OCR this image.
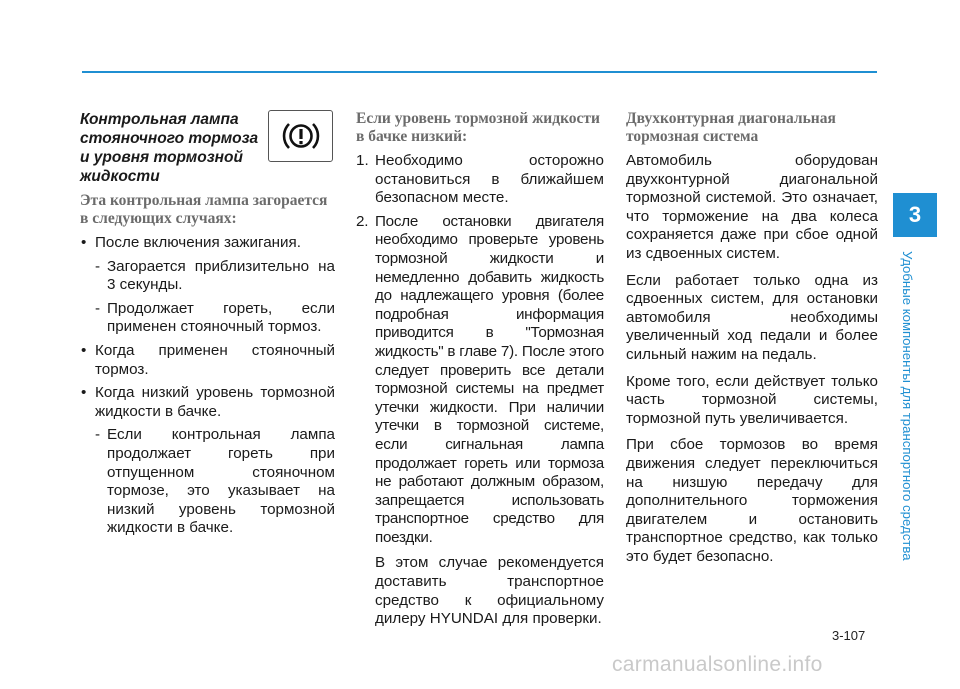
Контрольная лампа стояночного тормоза и уровня тормозной жидкости
Эта контрольная лампа загорается в следующих случаях:
• После включения зажигания.
- Загорается приблизительно на 3 секунды.
- Продолжает гореть, если применен стояночный тормоз.
• Когда применен стояночный тормоз.
• Когда низкий уровень тормозной жидкости в бачке.
- Если контрольная лампа продолжает гореть при отпущенном стояночном тормозе, это указывает на низкий уровень тормозной жидкости в бачке.
Если уровень тормозной жидкости в бачке низкий:
1. Необходимо осторожно остановиться в ближайшем безопасном месте.
2. После остановки двигателя необходимо проверьте уровень тормозной жидкости и немедленно добавить жидкость до надлежащего уровня (более подробная информация приводится в "Тормозная жидкость" в главе 7). После этого следует проверить все детали тормозной системы на предмет утечки жидкости. При наличии утечки в тормозной системе, если сигнальная лампа продолжает гореть или тормоза не работают должным образом, запрещается использовать транспортное средство для поездки.
В этом случае рекомендуется доставить транспортное средство к официальному дилеру HYUNDAI для проверки.
Двухконтурная диагональная тормозная система
Автомобиль оборудован двухконтурной диагональной тормозной системой. Это означает, что торможение на два колеса сохраняется даже при сбое одной из сдвоенных систем.
Если работает только одна из сдвоенных систем, для остановки автомобиля необходимы увеличенный ход педали и более сильный нажим на педаль.
Кроме того, если действует только часть тормозной системы, тормозной путь увеличивается.
При сбое тормозов во время движения следует переключиться на низшую передачу для дополнительного торможения двигателем и остановить транспортное средство, как только это будет безопасно.
3
Удобные компоненты для транспортного средства
3-107
carmanualsonline.info
